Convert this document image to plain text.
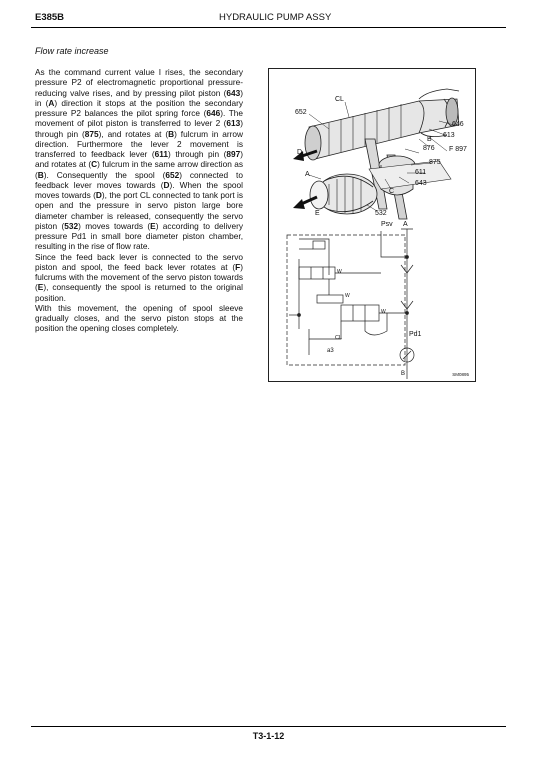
E385B	HYDRAULIC PUMP ASSY
Flow rate increase

As the command current value I rises, the secondary pressure P2 of electromagnetic proportional pressure-reducing valve rises, and by pressing pilot piston (643) in (A) direction it stops at the position the secondary pressure P2 balances the pilot spring force (646). The movement of pilot piston is transferred to lever 2 (613) through pin (875), and rotates at (B) fulcrum in arrow direction. Furthermore the lever 2 movement is transferred to feedback lever (611) through pin (897) and rotates at (C) fulcrum in the same arrow direction as (B). Consequently the spool (652) connected to feedback lever moves towards (D). When the spool moves towards (D), the port CL connected to tank port is open and the pressure in servo piston large bore diameter chamber is released, consequently the servo piston (532) moves towards (E) according to delivery pressure Pd1 in small bore diameter piston chamber, resulting in the rise of flow rate.

Since the feed back lever is connected to the servo piston and spool, the feed back lever rotates at (F) fulcrums with the movement of the servo piston towards (E), consequently the spool is returned to the original position.

With this movement, the opening of spool sleeve gradually closes, and the servo piston stops at the position the opening closes completely.

CL
652
646
613
B
876 F 897
D
875
A	611
643
C
E	532
Psv A
W
W
W
CL	Pd1
a3
B	SM0895
T3-1-12
